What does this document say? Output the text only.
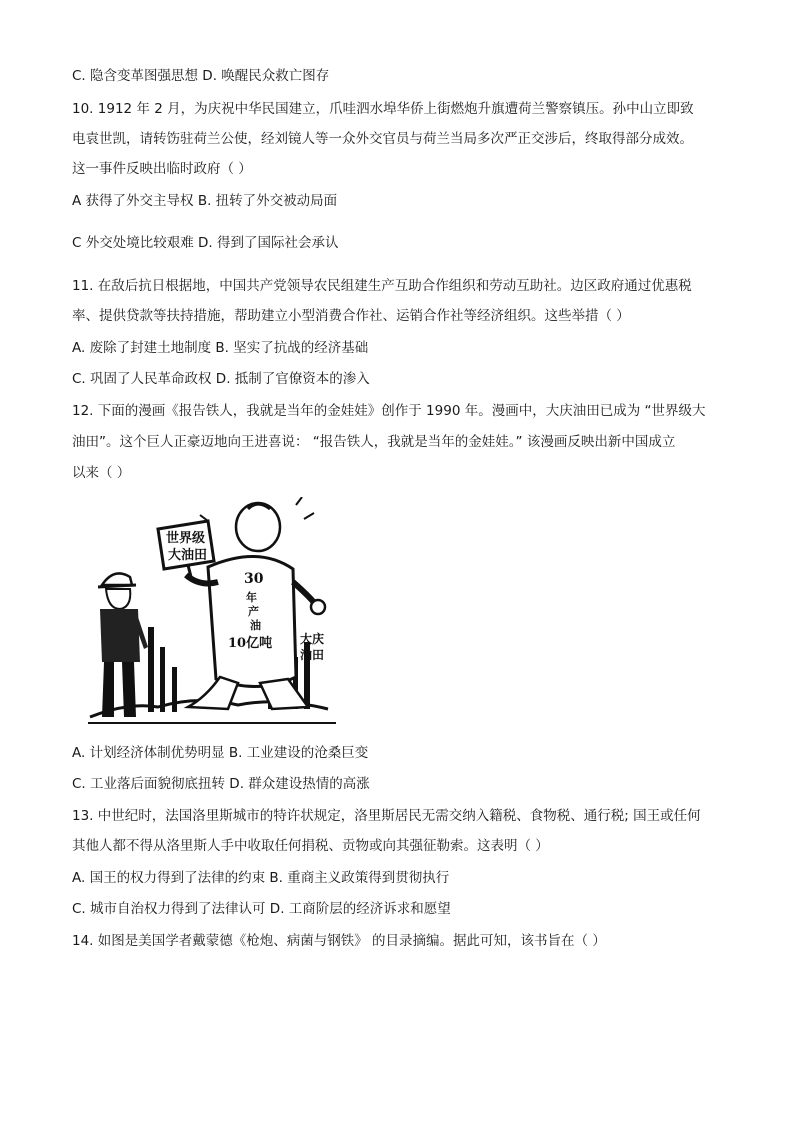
C. 隐含变革图强思想 D. 唤醒民众救亡图存
10. 1912 年 2 月，为庆祝中华民国建立，爪哇泗水埠华侨上街燃炮升旗遭荷兰警察镇压。孙中山立即致
电袁世凯，请转饬驻荷兰公使，经刘镜人等一众外交官员与荷兰当局多次严正交涉后，终取得部分成效。
这一事件反映出临时政府（ ）
A 获得了外交主导权 B. 扭转了外交被动局面
C 外交处境比较艰难 D. 得到了国际社会承认
11. 在敌后抗日根据地，中国共产党领导农民组建生产互助合作组织和劳动互助社。边区政府通过优惠税
率、提供贷款等扶持措施，帮助建立小型消费合作社、运销合作社等经济组织。这些举措（ ）
A. 废除了封建土地制度 B. 坚实了抗战的经济基础
C. 巩固了人民革命政权 D. 抵制了官僚资本的渗入
12. 下面的漫画《报告铁人，我就是当年的金娃娃》创作于 1990 年。漫画中，大庆油田已成为 “世界级大
油田”。这个巨人正豪迈地向王进喜说： “报告铁人，我就是当年的金娃娃。” 该漫画反映出新中国成立
以来（ ）
世界级
大油田
30
年
产
油
10亿吨 大庆
油田
A. 计划经济体制优势明显 B. 工业建设的沧桑巨变
C. 工业落后面貌彻底扭转 D. 群众建设热情的高涨
13. 中世纪时，法国洛里斯城市的特许状规定，洛里斯居民无需交纳入籍税、食物税、通行税; 国王或任何
其他人都不得从洛里斯人手中收取任何捐税、贡物或向其强征勒索。这表明（ ）
A. 国王的权力得到了法律的约束 B. 重商主义政策得到贯彻执行
C. 城市自治权力得到了法律认可 D. 工商阶层的经济诉求和愿望
14. 如图是美国学者戴蒙德《枪炮、病菌与钢铁》 的目录摘编。据此可知，该书旨在（ ）
